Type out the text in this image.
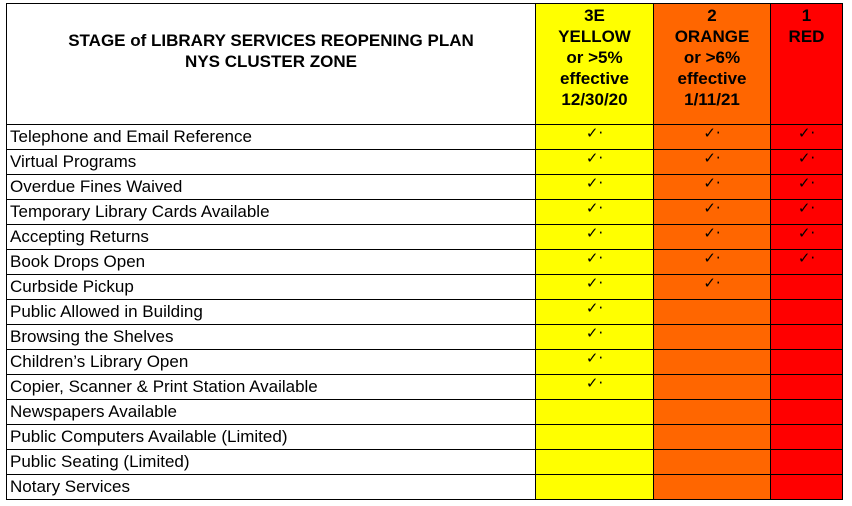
STAGE of LIBRARY SERVICES REOPENING PLAN
NYS CLUSTER ZONE	3E
YELLOW
or >5%
effective
12/30/20	2
ORANGE
or >6%
effective
1/11/21	1
RED

Telephone and Email Reference	✓·	✓·	✓·
Virtual Programs	✓·	✓·	✓·
Overdue Fines Waived	✓·	✓·	✓·
Temporary Library Cards Available	✓·	✓·	✓·
Accepting Returns	✓·	✓·	✓·
Book Drops Open	✓·	✓·	✓·
Curbside Pickup	✓·	✓·	
Public Allowed in Building	✓·		
Browsing the Shelves	✓·		
Children’s Library Open	✓·		
Copier, Scanner & Print Station Available	✓·		
Newspapers Available			
Public Computers Available (Limited)			
Public Seating (Limited)			
Notary Services			
